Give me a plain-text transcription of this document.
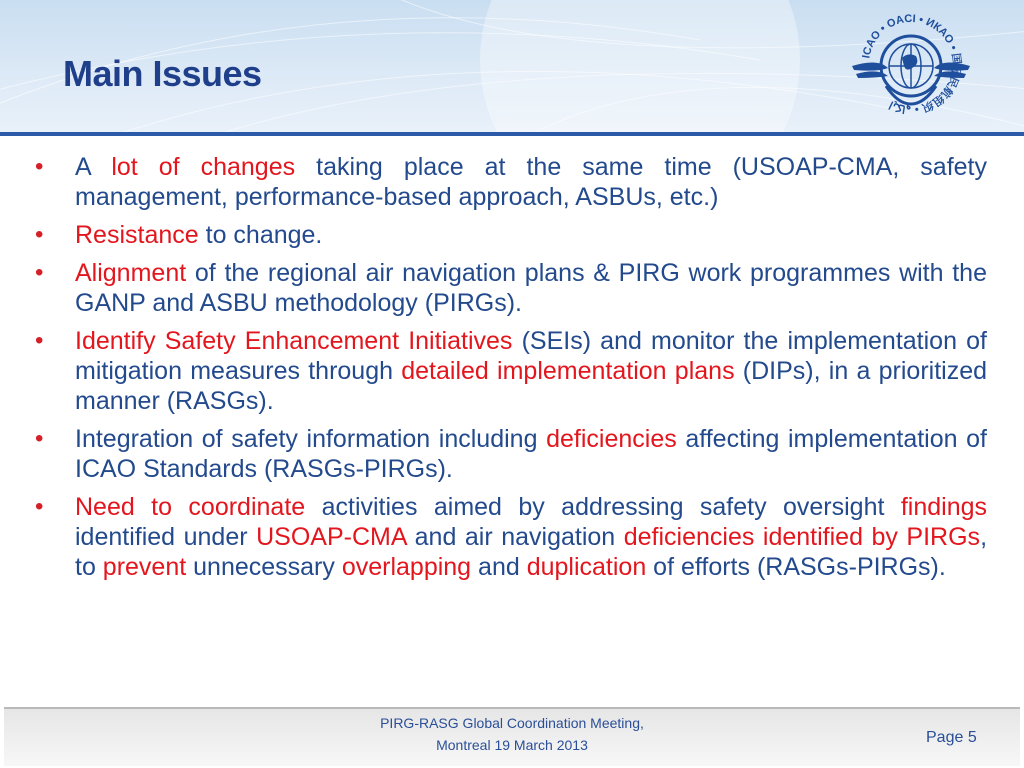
Main Issues	ICAO • OACI • ИКАО • 国际民航组织 • ايكاو
• A lot of changes taking place at the same time (USOAP-CMA, safety management, performance-based approach, ASBUs, etc.)
• Resistance to change.
• Alignment of the regional air navigation plans & PIRG work programmes with the GANP and ASBU methodology (PIRGs).
• Identify Safety Enhancement Initiatives (SEIs) and monitor the implementation of mitigation measures through detailed implementation plans (DIPs), in a prioritized manner (RASGs).
• Integration of safety information including deficiencies affecting implementation of ICAO Standards (RASGs-PIRGs).
• Need to coordinate activities aimed by addressing safety oversight findings identified under USOAP-CMA and air navigation deficiencies identified by PIRGs, to prevent unnecessary overlapping and duplication of efforts (RASGs-PIRGs).
PIRG-RASG Global Coordination Meeting,
Montreal 19 March 2013	Page 5
